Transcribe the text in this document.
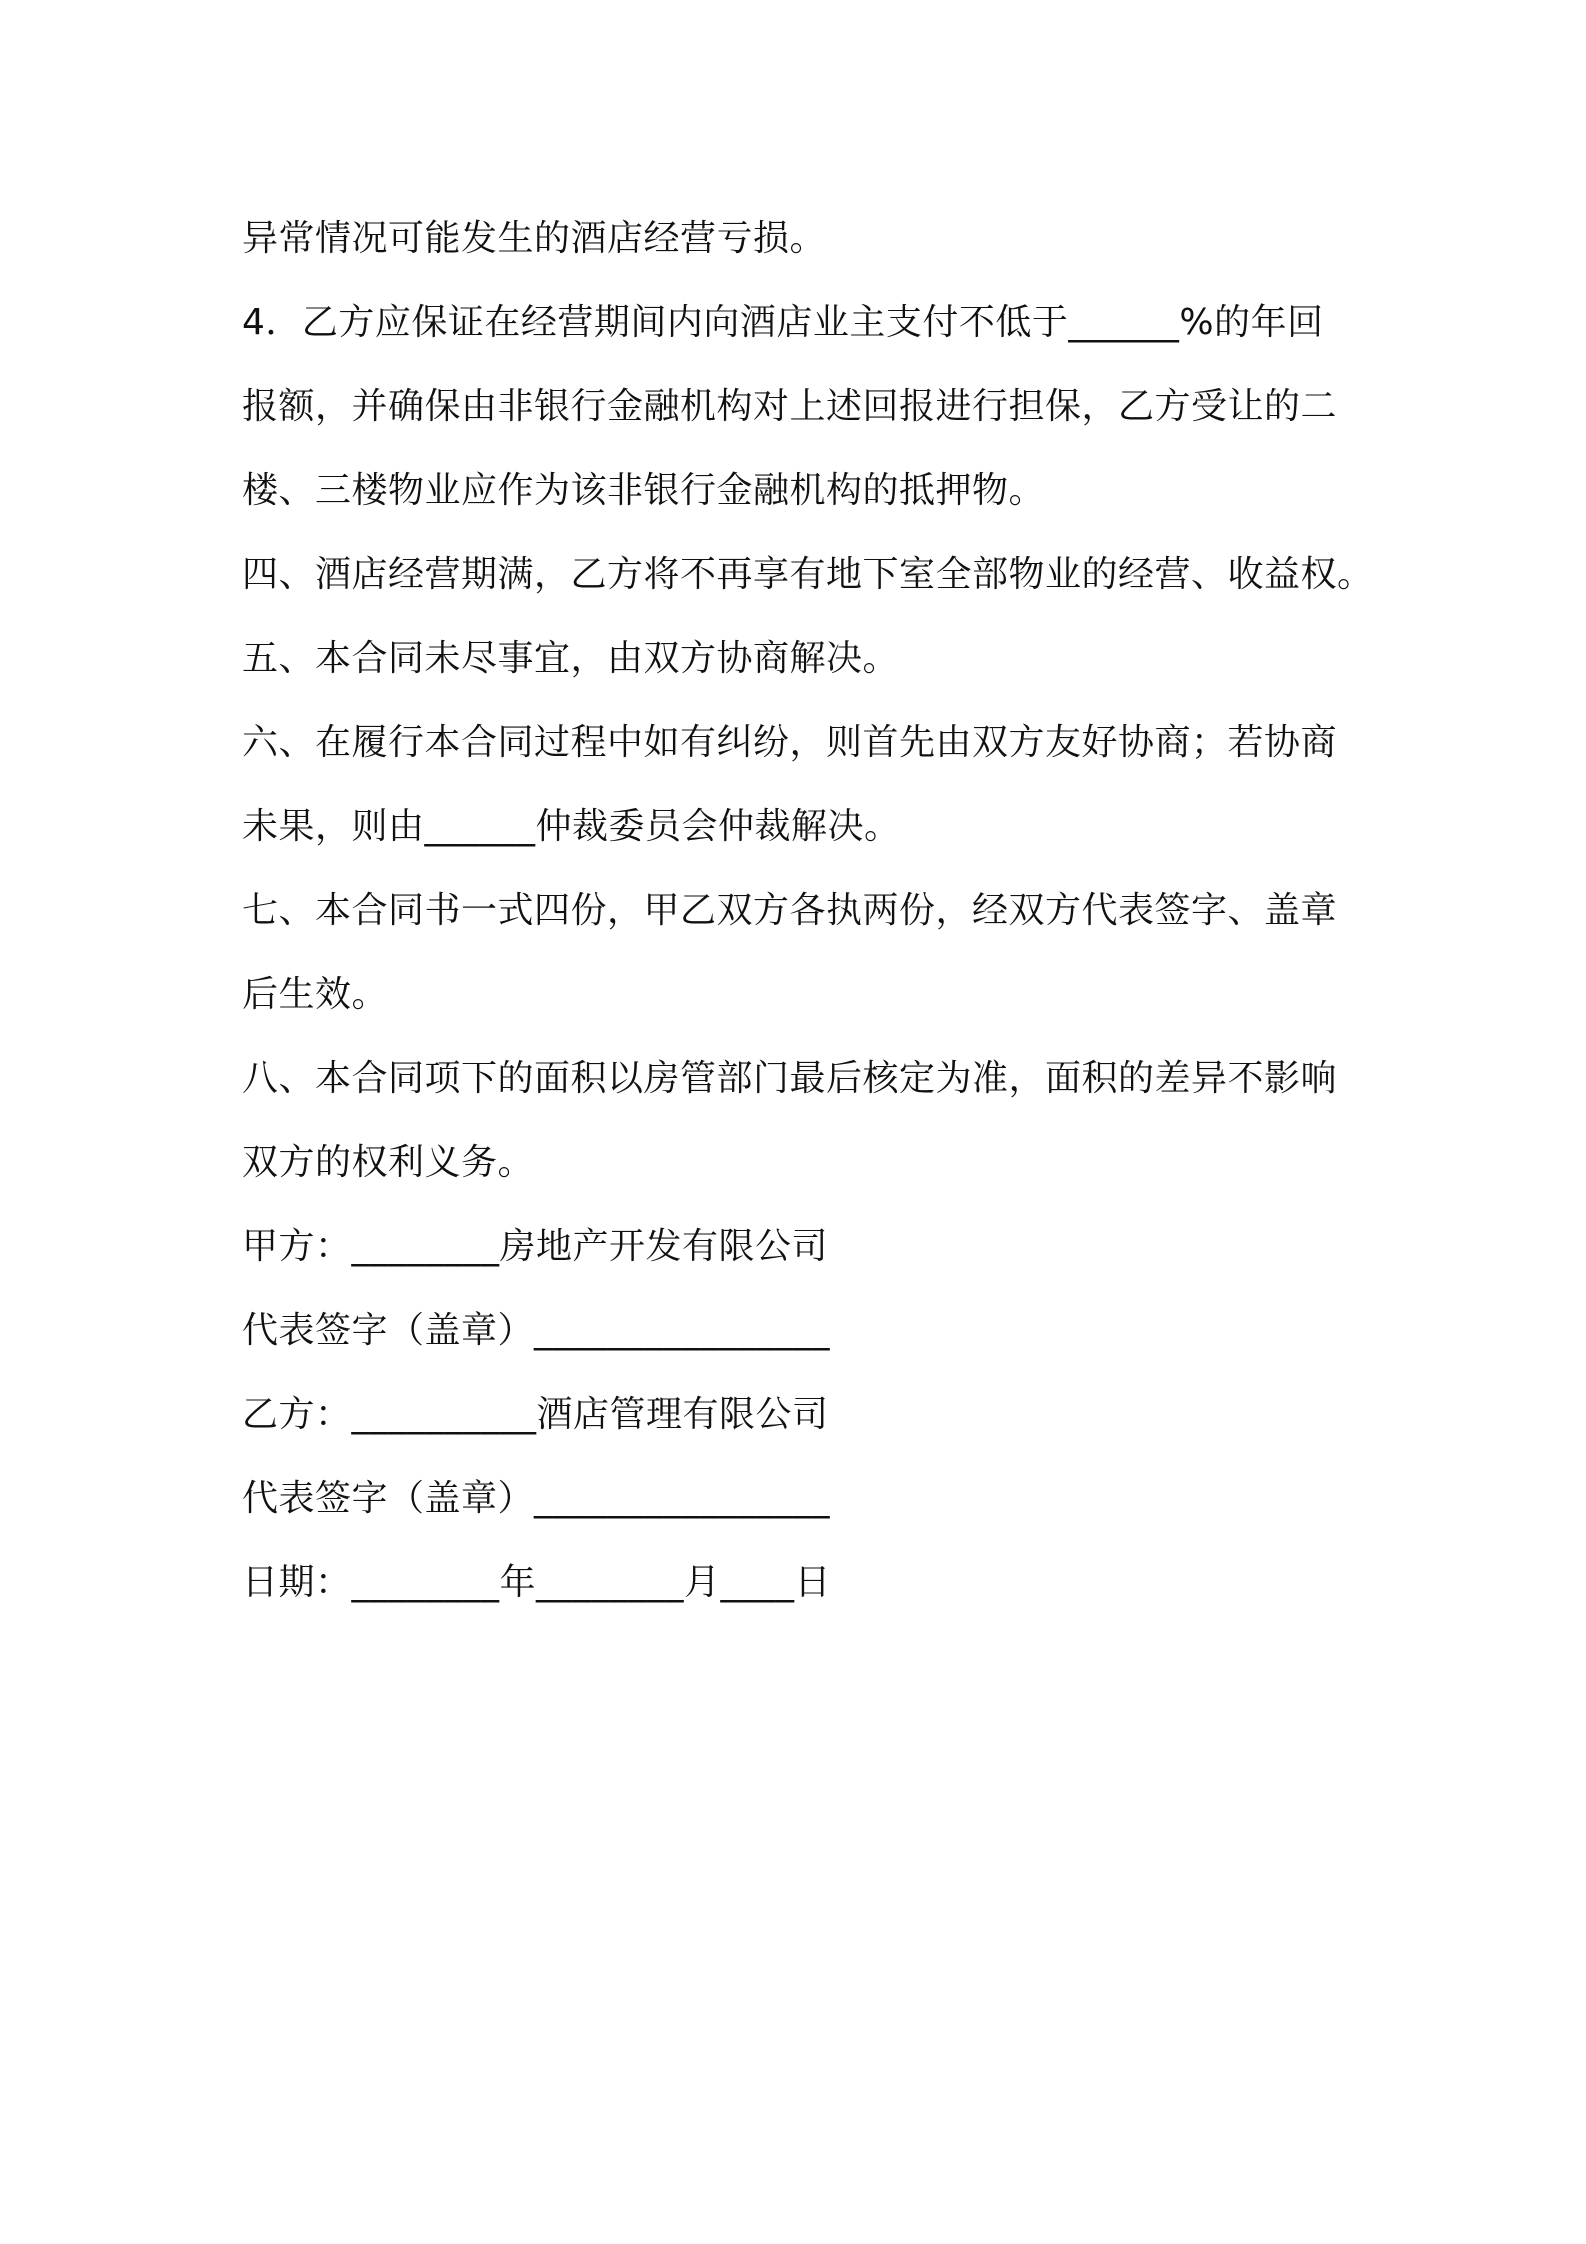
异常情况可能发生的酒店经营亏损。
4．乙方应保证在经营期间内向酒店业主支付不低于______%的年回
报额，并确保由非银行金融机构对上述回报进行担保，乙方受让的二
楼、三楼物业应作为该非银行金融机构的抵押物。
四、酒店经营期满，乙方将不再享有地下室全部物业的经营、收益权。
五、本合同未尽事宜，由双方协商解决。
六、在履行本合同过程中如有纠纷，则首先由双方友好协商；若协商
未果，则由______仲裁委员会仲裁解决。
七、本合同书一式四份，甲乙双方各执两份，经双方代表签字、盖章
后生效。
八、本合同项下的面积以房管部门最后核定为准，面积的差异不影响
双方的权利义务。
甲方：________房地产开发有限公司
代表签字（盖章）________________
乙方：__________酒店管理有限公司
代表签字（盖章）________________
日期：________年________月____日
